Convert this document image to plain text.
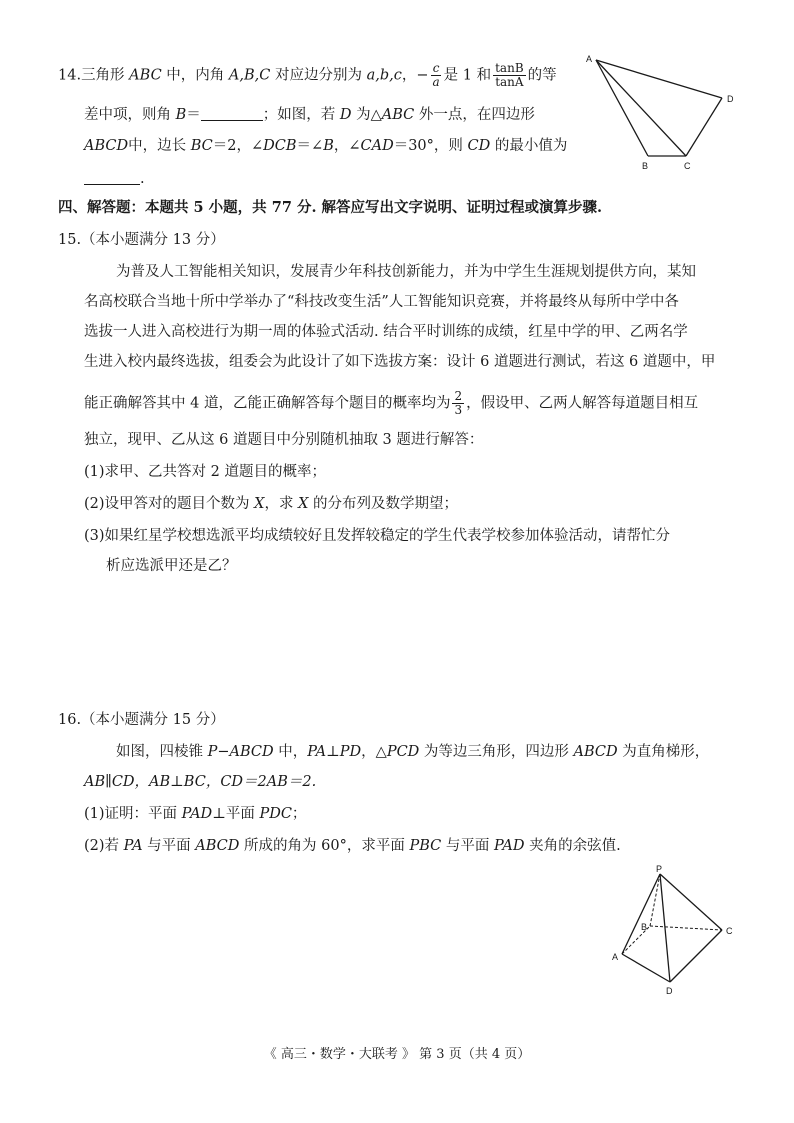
14.三角形 ABC 中，内角 A,B,C 对应边分别为 a,b,c，− $\frac{c}{a}$ 是 1 和 $\frac{\tan B}{\tan A}$ 的等
差中项，则角 B＝	；如图，若 D 为△ABC 外一点，在四边形
ABCD中，边长 BC＝2，∠DCB＝∠B，∠CAD＝30°，则 CD 的最小值为
.
A
D
B	C
四、解答题：本题共 5 小题，共 77 分. 解答应写出文字说明、证明过程或演算步骤.
15.（本小题满分 13 分）
为普及人工智能相关知识，发展青少年科技创新能力，并为中学生生涯规划提供方向，某知
名高校联合当地十所中学举办了“科技改变生活”人工智能知识竞赛，并将最终从每所中学中各
选拔一人进入高校进行为期一周的体验式活动. 结合平时训练的成绩，红星中学的甲、乙两名学
生进入校内最终选拔，组委会为此设计了如下选拔方案：设计 6 道题进行测试，若这 6 道题中，甲
能正确解答其中 4 道，乙能正确解答每个题目的概率均为 $\frac{2}{3}$ ，假设甲、乙两人解答每道题目相互
独立，现甲、乙从这 6 道题目中分别随机抽取 3 题进行解答：
(1)求甲、乙共答对 2 道题目的概率；
(2)设甲答对的题目个数为 X，求 X 的分布列及数学期望；
(3)如果红星学校想选派平均成绩较好且发挥较稳定的学生代表学校参加体验活动，请帮忙分
析应选派甲还是乙？
16.（本小题满分 15 分）
如图，四棱锥 P−ABCD 中，PA⊥PD，△PCD 为等边三角形，四边形 ABCD 为直角梯形，
AB∥CD，AB⊥BC，CD＝2AB＝2.
(1)证明：平面 PAD⊥平面 PDC；
(2)若 PA 与平面 ABCD 所成的角为 60°，求平面 PBC 与平面 PAD 夹角的余弦值.
P
A
B	C
D
《 高三・数学・大联考 》 第 3 页（共 4 页）
